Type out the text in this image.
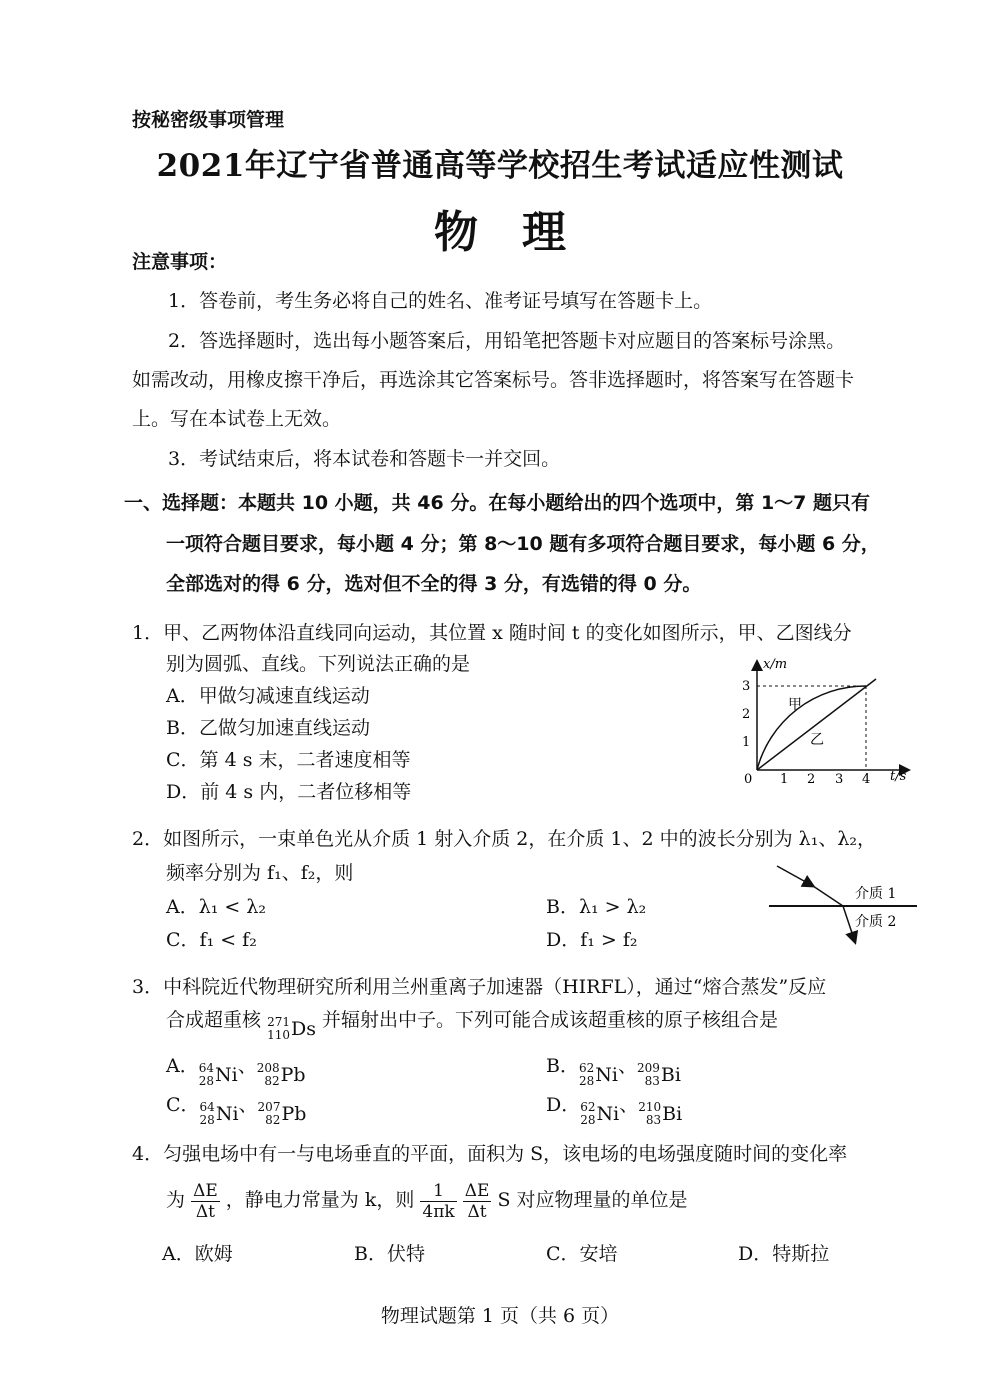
按秘密级事项管理
2021年辽宁省普通高等学校招生考试适应性测试
物　理
注意事项：
1．答卷前，考生务必将自己的姓名、准考证号填写在答题卡上。
2．答选择题时，选出每小题答案后，用铅笔把答题卡对应题目的答案标号涂黑。
如需改动，用橡皮擦干净后，再选涂其它答案标号。答非选择题时，将答案写在答题卡
上。写在本试卷上无效。
3．考试结束后，将本试卷和答题卡一并交回。
一、选择题：本题共 10 小题，共 46 分。在每小题给出的四个选项中，第 1～7 题只有
一项符合题目要求，每小题 4 分；第 8～10 题有多项符合题目要求，每小题 6 分，
全部选对的得 6 分，选对但不全的得 3 分，有选错的得 0 分。
1．甲、乙两物体沿直线同向运动，其位置 x 随时间 t 的变化如图所示，甲、乙图线分
别为圆弧、直线。下列说法正确的是
A．甲做匀减速直线运动
B．乙做匀加速直线运动
C．第 4 s 末，二者速度相等
D．前 4 s 内，二者位移相等
x/m
t/s
0 1 2 3 4
1
2
3
甲
乙
2．如图所示，一束单色光从介质 1 射入介质 2，在介质 1、2 中的波长分别为 λ₁、λ₂，
频率分别为 f₁、f₂，则
A．λ₁ < λ₂	B．λ₁ > λ₂
C．f₁ < f₂	D．f₁ > f₂
介质 1
介质 2
3．中科院近代物理研究所利用兰州重离子加速器（HIRFL），通过“熔合蒸发”反应
合成超重核 271
110 Ds 并辐射出中子。下列可能合成该超重核的原子核组合是
A． 64
28 Ni 、 208
82 Pb	B． 62
28 Ni 、 209
83 Bi
C． 64
28 Ni 、 207
82 Pb	D． 62
28 Ni 、 210
83 Bi
4．匀强电场中有一与电场垂直的平面，面积为 S，该电场的电场强度随时间的变化率
为 $\frac{\Delta E}{\Delta t}$ ，静电力常量为 k，则 $\frac{1}{4\pi k}$
$\frac{\Delta E}{\Delta t}$ S 对应物理量的单位是
A．欧姆	B．伏特	C．安培	D．特斯拉
物理试题第 1 页（共 6 页）
